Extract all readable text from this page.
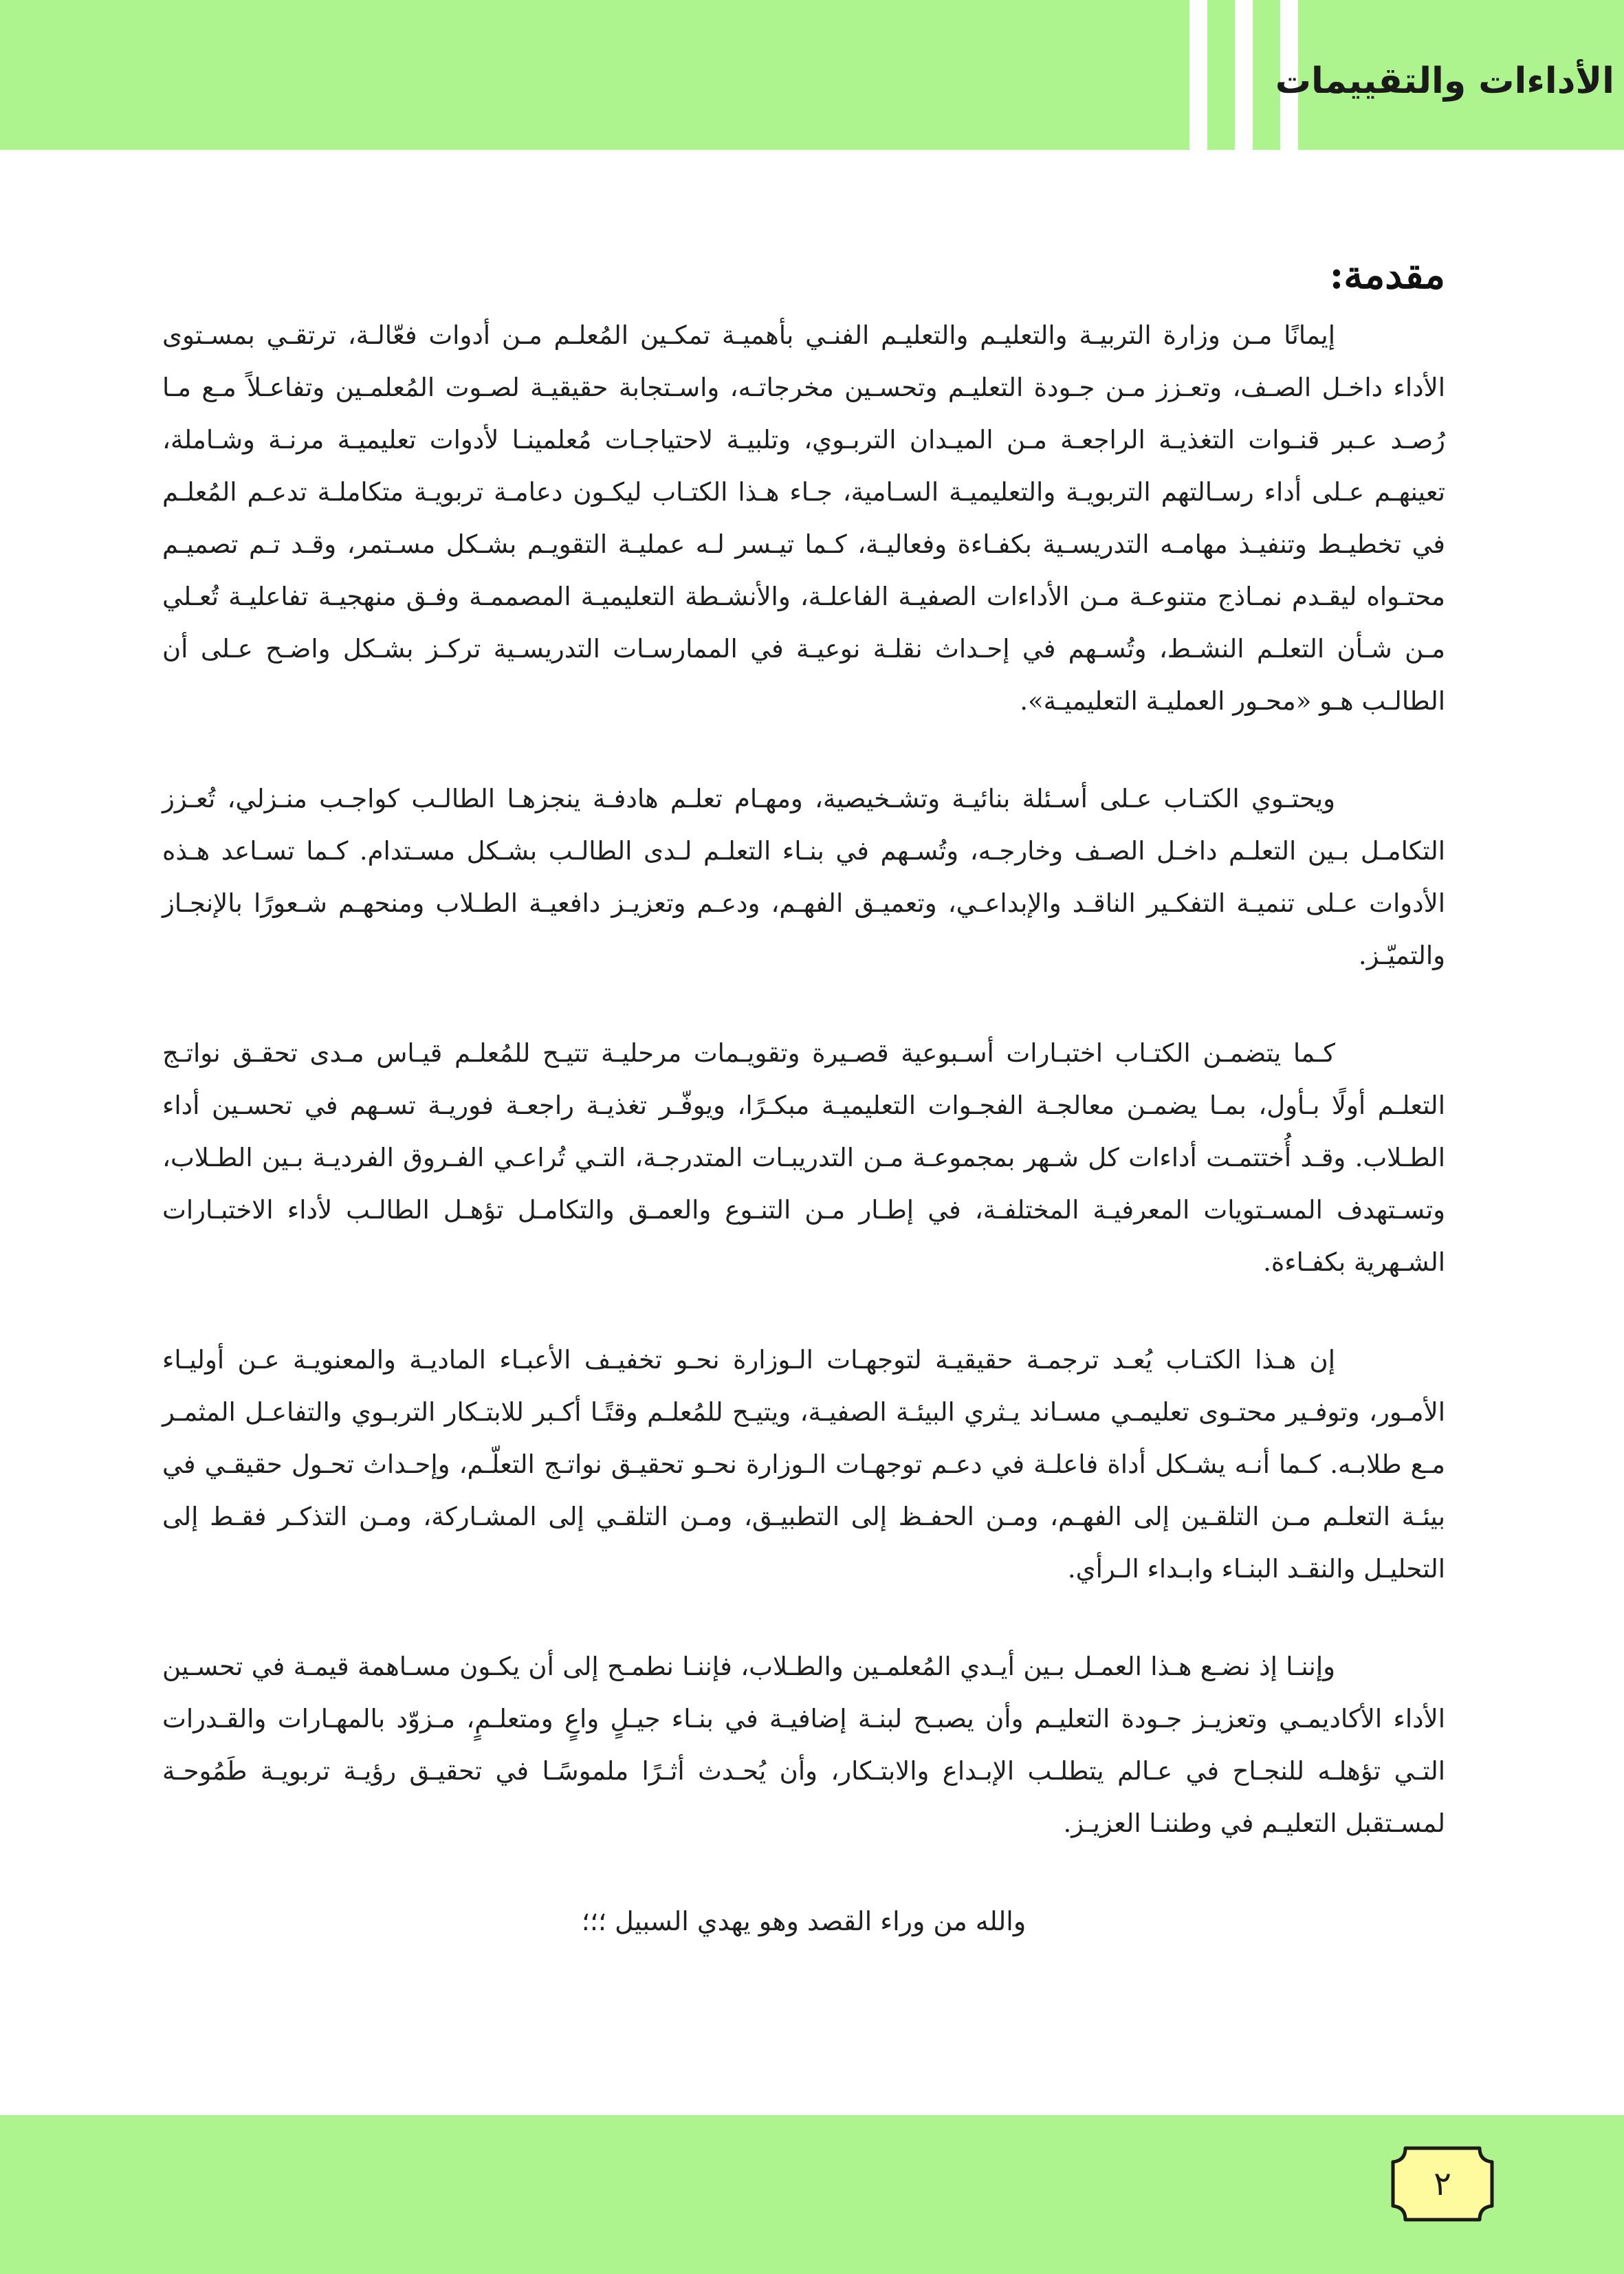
الأداءات والتقييمات
مقدمة:

إيمانًا مـن وزارة التربيـة والتعليـم والتعليـم الفنـي بأهميـة تمكـين المُعلـم مـن أدوات فعّالـة، ترتقـي بمسـتوى الأداء داخـل الصـف، وتعـزز مـن جـودة التعليـم وتحسـين مخرجاتـه، واسـتجابة حقيقيـة لصـوت المُعلمـين وتفاعـلاً مـع مـا رُصـد عـبر قنـوات التغذيـة الراجعـة مـن الميـدان التربـوي، وتلبيـة لاحتياجـات مُعلمينـا لأدوات تعليميـة مرنـة وشـاملة، تعينهـم عـلى أداء رسـالتهم التربويـة والتعليميـة السـامية، جـاء هـذا الكتـاب ليكـون دعامـة تربويـة متكاملـة تدعـم المُعلـم في تخطيـط وتنفيـذ مهامـه التدريسـية بكفـاءة وفعاليـة، كـما تيـسر لـه عمليـة التقويـم بشـكل مسـتمر، وقـد تـم تصميـم محتـواه ليقـدم نمـاذج متنوعـة مـن الأداءات الصفيـة الفاعلـة، والأنشـطة التعليميـة المصممـة وفـق منهجيـة تفاعليـة تُعـلي مـن شـأن التعلـم النشـط، وتُسـهم في إحـداث نقلـة نوعيـة في الممارسـات التدريسـية تركـز بشـكل واضـح عـلى أن الطالـب هـو «محـور العمليـة التعليميـة».

ويحتـوي الكتـاب عـلى أسـئلة بنائيـة وتشـخيصية، ومهـام تعلـم هادفـة ينجزهـا الطالـب كواجـب منـزلي، تُعـزز التكامـل بـين التعلـم داخـل الصـف وخارجـه، وتُسـهم في بنـاء التعلـم لـدى الطالـب بشـكل مسـتدام. كـما تسـاعد هـذه الأدوات عـلى تنميـة التفكـير الناقـد والإبداعـي، وتعميـق الفهـم، ودعـم وتعزيـز دافعيـة الطـلاب ومنحهـم شـعورًا بالإنجـاز والتميّـز.

كـما يتضمـن الكتـاب اختبـارات أسـبوعية قصـيرة وتقويـمات مرحليـة تتيـح للمُعلـم قيـاس مـدى تحقـق نواتـج التعلـم أولًا بـأول، بمـا يضمـن معالجـة الفجـوات التعليميـة مبكـرًا، ويوفّـر تغذيـة راجعـة فوريـة تسـهم في تحسـين أداء الطـلاب. وقـد أُختتمـت أداءات كل شـهر بمجموعـة مـن التدريبـات المتدرجـة، التـي تُراعـي الفـروق الفرديـة بـين الطـلاب، وتسـتهدف المسـتويات المعرفيـة المختلفـة، في إطـار مـن التنـوع والعمـق والتكامـل تؤهـل الطالـب لأداء الاختبـارات الشـهرية بكفـاءة.

إن هـذا الكتـاب يُعـد ترجمـة حقيقيـة لتوجهـات الـوزارة نحـو تخفيـف الأعبـاء الماديـة والمعنويـة عـن أوليـاء الأمـور، وتوفـير محتـوى تعليمـي مسـاند يـثري البيئـة الصفيـة، ويتيـح للمُعلـم وقتًـا أكـبر للابتـكار التربـوي والتفاعـل المثمـر مـع طلابـه. كـما أنـه يشـكل أداة فاعلـة في دعـم توجهـات الـوزارة نحـو تحقيـق نواتـج التعلّـم، وإحـداث تحـول حقيقـي في بيئـة التعلـم مـن التلقـين إلى الفهـم، ومـن الحفـظ إلى التطبيـق، ومـن التلقـي إلى المشـاركة، ومـن التذكـر فقـط إلى التحليـل والنقـد البنـاء وابـداء الـرأي.

وإننـا إذ نضـع هـذا العمـل بـين أيـدي المُعلمـين والطـلاب، فإننـا نطمـح إلى أن يكـون مسـاهمة قيمـة في تحسـين الأداء الأكاديمـي وتعزيـز جـودة التعليـم وأن يصبـح لبنـة إضافيـة في بنـاء جيـلٍ واعٍ ومتعلـمٍ، مـزوّد بالمهـارات والقـدرات التـي تؤهلـه للنجـاح في عـالم يتطلـب الإبـداع والابتـكار، وأن يُحـدث أثـرًا ملموسًـا في تحقيـق رؤيـة تربويـة طَمُوحـة لمسـتقبل التعليـم في وطننـا العزيـز.

والله من وراء القصد وهو يهدي السبيل ؛؛؛
٢
